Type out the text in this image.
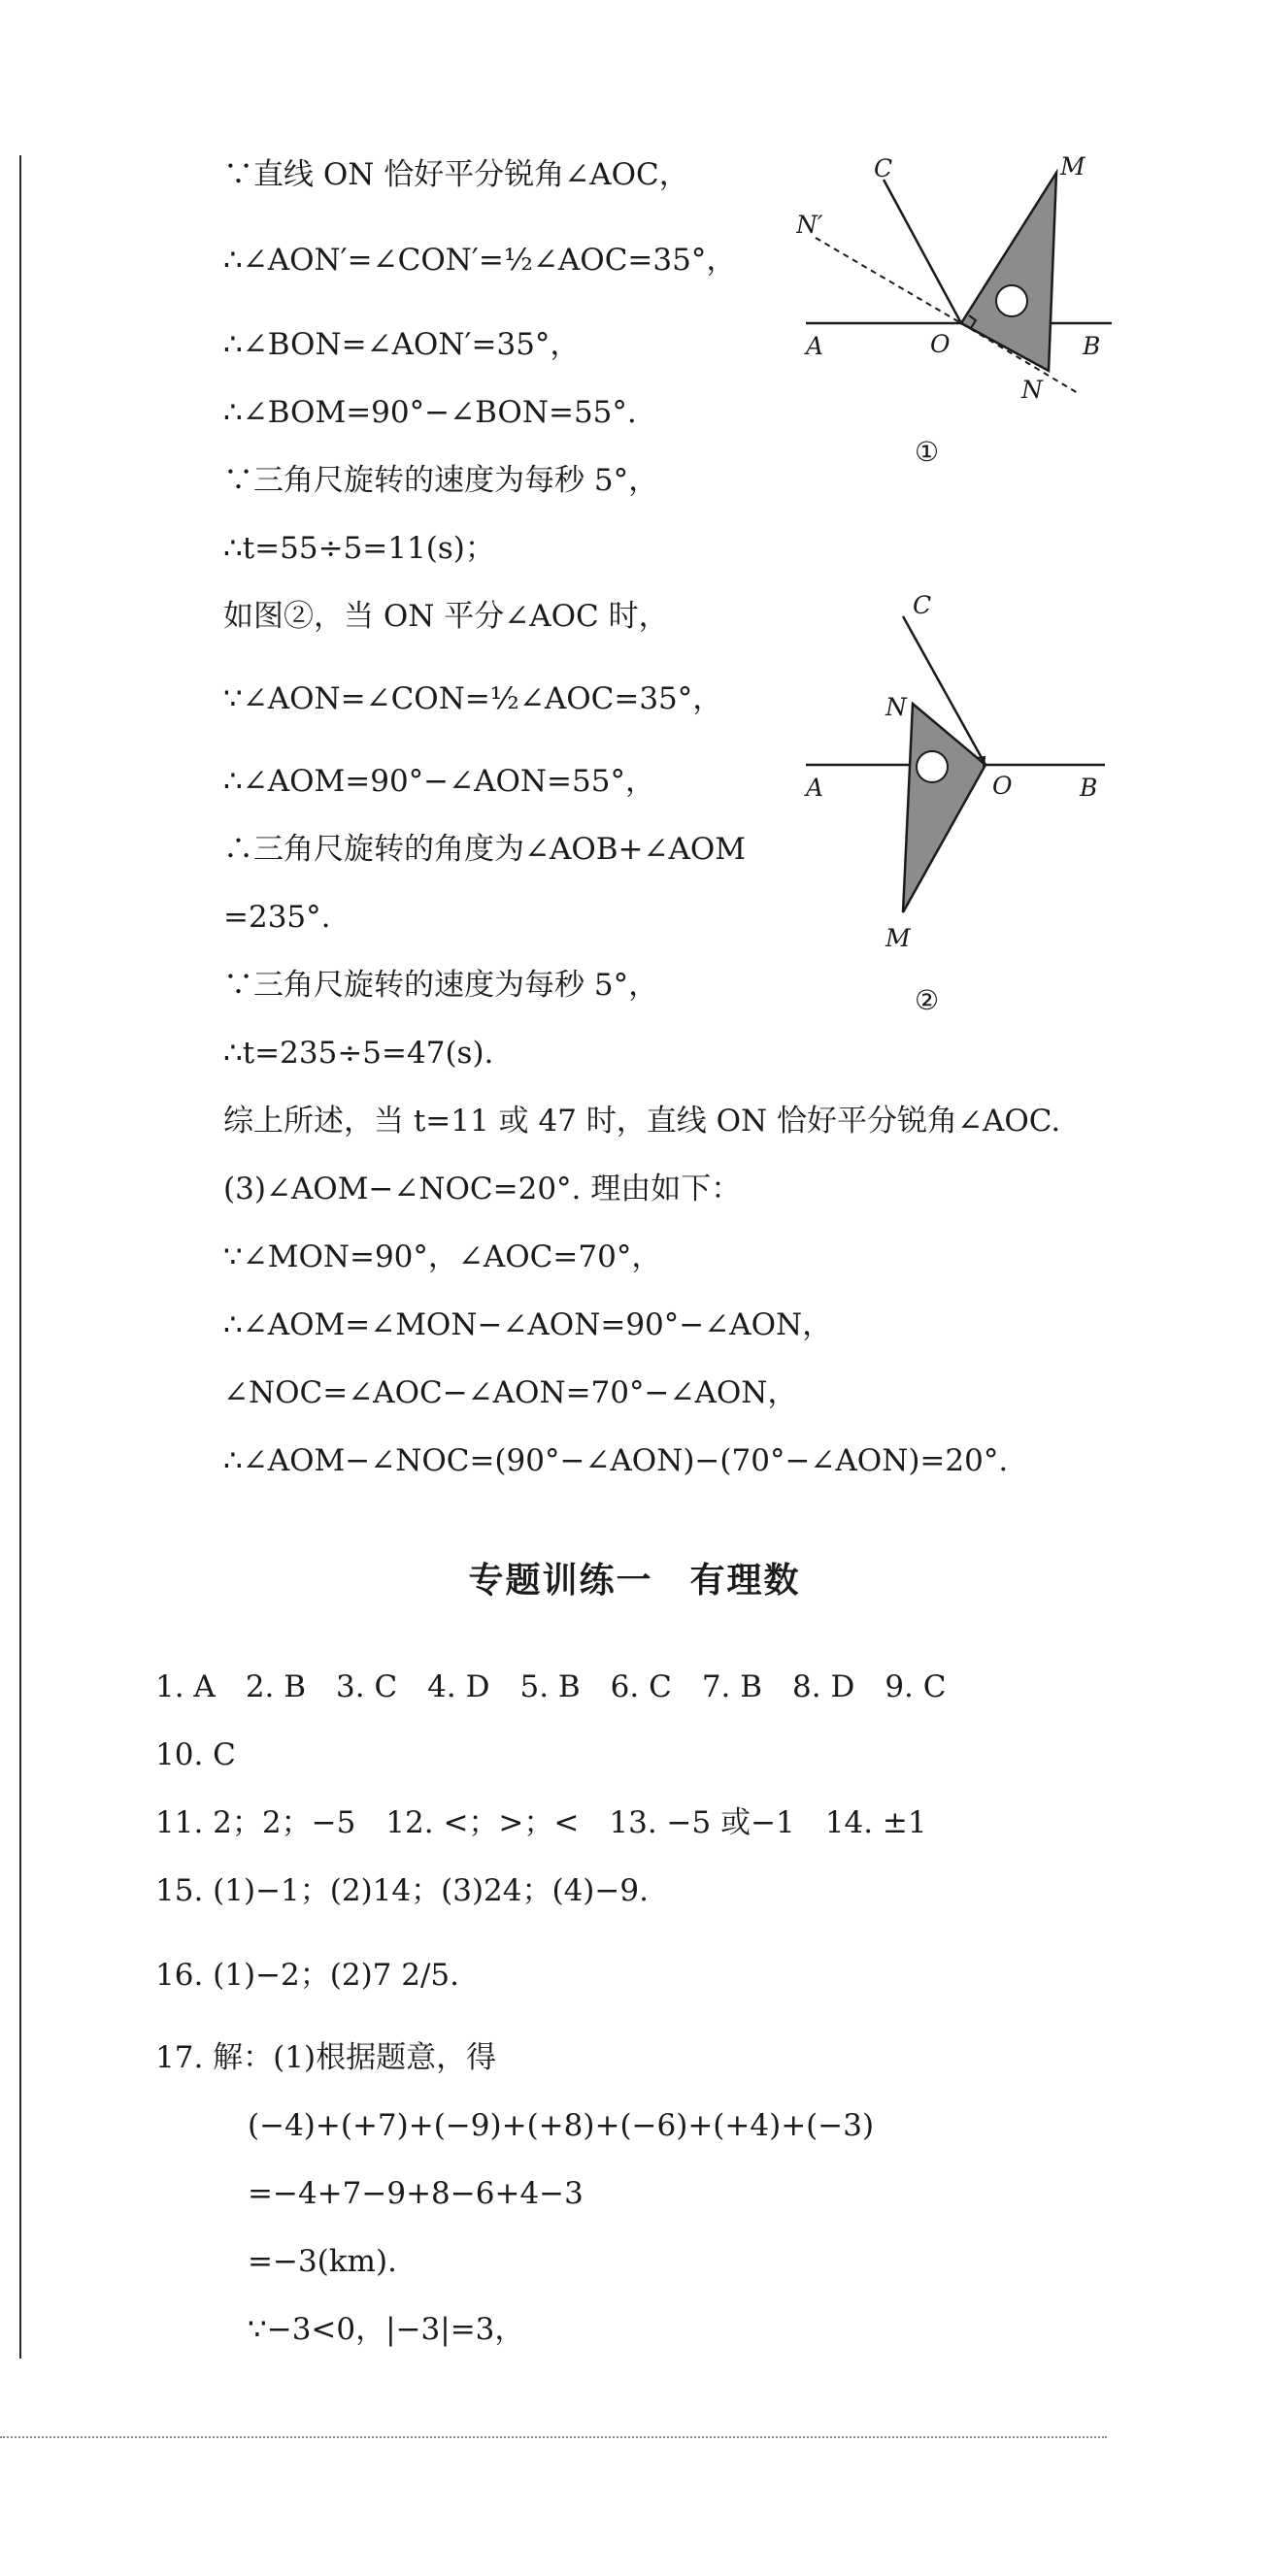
∵直线 ON 恰好平分锐角∠AOC，
∴∠AON′=∠CON′=½∠AOC=35°，
∴∠BON=∠AON′=35°，
∴∠BOM=90°−∠BON=55°.
∵三角尺旋转的速度为每秒 5°，
∴t=55÷5=11(s)；
如图②，当 ON 平分∠AOC 时，
∵∠AON=∠CON=½∠AOC=35°，
∴∠AOM=90°−∠AON=55°，
∴三角尺旋转的角度为∠AOB+∠AOM
=235°.
∵三角尺旋转的速度为每秒 5°，
∴t=235÷5=47(s).
综上所述，当 t=11 或 47 时，直线 ON 恰好平分锐角∠AOC.
(3)∠AOM−∠NOC=20°. 理由如下：
∵∠MON=90°，∠AOC=70°，
∴∠AOM=∠MON−∠AON=90°−∠AON，
∠NOC=∠AOC−∠AON=70°−∠AON，
∴∠AOM−∠NOC=(90°−∠AON)−(70°−∠AON)=20°.
专题训练一　有理数
1. A　2. B　3. C　4. D　5. B　6. C　7. B　8. D　9. C
10. C
11. 2；2；−5　12. <；>；<　13. −5 或−1　14. ±1
15. (1)−1；(2)14；(3)24；(4)−9.
16. (1)−2；(2)7 2/5.
17. 解：(1)根据题意，得
(−4)+(+7)+(−9)+(+8)+(−6)+(+4)+(−3)
=−4+7−9+8−6+4−3
=−3(km).
∵−3<0，|−3|=3，
C	M
N′
A	O	B
N
①
C
N
O
A	B
M
②
